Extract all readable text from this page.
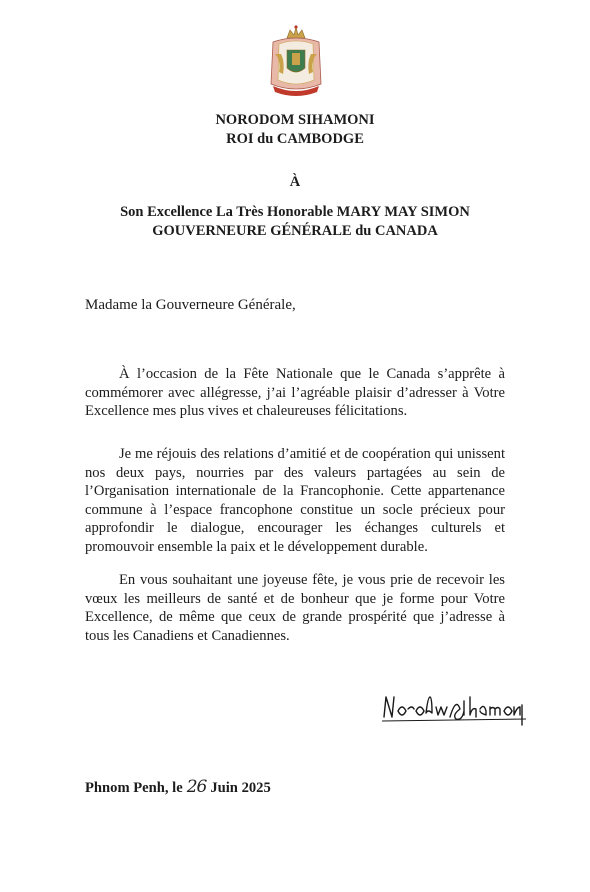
NORODOM SIHAMONI
ROI du CAMBODGE
À
Son Excellence La Très Honorable MARY MAY SIMON
GOUVERNEURE GÉNÉRALE du CANADA
Madame la Gouverneure Générale,

À l’occasion de la Fête Nationale que le Canada s’apprête à commémorer avec allégresse, j’ai l’agréable plaisir d’adresser à Votre Excellence mes plus vives et chaleureuses félicitations.

Je me réjouis des relations d’amitié et de coopération qui unissent nos deux pays, nourries par des valeurs partagées au sein de l’Organisation internationale de la Francophonie. Cette appartenance commune à l’espace francophone constitue un socle précieux pour approfondir le dialogue, encourager les échanges culturels et promouvoir ensemble la paix et le développement durable.

En vous souhaitant une joyeuse fête, je vous prie de recevoir les vœux les meilleurs de santé et de bonheur que je forme pour Votre Excellence, de même que ceux de grande prospérité que j’adresse à tous les Canadiens et Canadiennes.

Phnom Penh, le 26 Juin 2025
